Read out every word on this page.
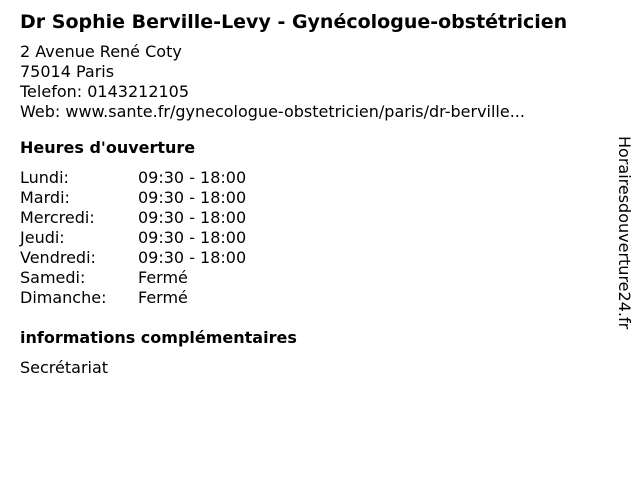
Dr Sophie Berville-Levy - Gynécologue-obstétricien
2 Avenue René Coty
75014 Paris
Telefon: 0143212105
Web: www.sante.fr/gynecologue-obstetricien/paris/dr-berville...
Heures d'ouverture
Lundi:	09:30 - 18:00
Mardi:	09:30 - 18:00
Mercredi:	09:30 - 18:00
Jeudi:	09:30 - 18:00
Vendredi:	09:30 - 18:00
Samedi:	Fermé
Dimanche:	Fermé
informations complémentaires
Secrétariat
Horairesdouverture24.fr
